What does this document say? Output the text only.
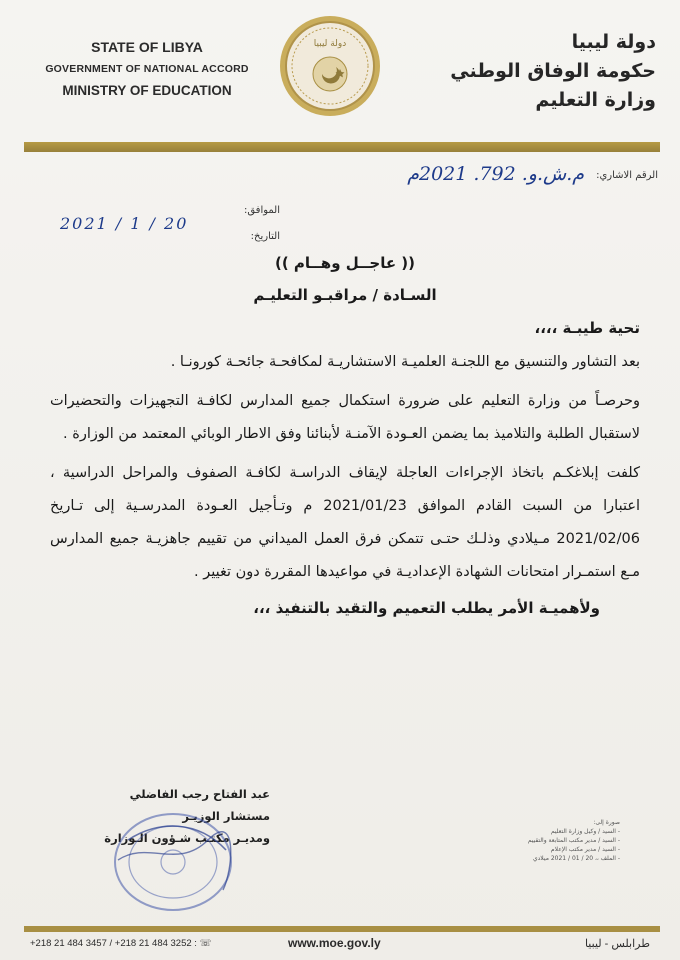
STATE OF LIBYA
GOVERNMENT OF NATIONAL ACCORD
MINISTRY OF EDUCATION
دولة ليبيا	دولة ليبيا
حكومة الوفاق الوطني
وزارة التعليم
الرقم الاشاري:
م.ش.و. 792. 2021م
الموافق:
التاريخ:
2021 / 1 / 20
(( عاجــل وهــام ))
السـادة / مراقبـو التعليـم
تحية طيبـة ،،،،

بعد التشاور والتنسيق مع اللجنـة العلميـة الاستشاريـة لمكافحـة جائحـة كورونـا .

وحرصـاً من وزارة التعليم على ضرورة استكمال جميع المدارس لكافـة التجهيزات والتحضيرات لاستقبال الطلبة والتلاميذ بما يضمن العـودة الآمنـة لأبنائنا وفق الاطار الوبائي المعتمد من الوزارة .

كلفت إبلاغكـم باتخاذ الإجراءات العاجلة لإيقاف الدراسـة لكافـة الصفوف والمراحل الدراسية ، اعتبارا من السبت القادم الموافق 2021/01/23 م وتـأجيل العـودة المدرسـية إلى تـاريخ 2021/02/06 مـيلادي وذلـك حتـى تتمكن فرق العمل الميداني من تقييم جاهزيـة جميع المدارس مـع استمـرار امتحانات الشهادة الإعداديـة في مواعيدها المقررة دون تغيير .

ولأهميـة الأمر يطلب التعميم والتقيد بالتنفيذ ،،،
عبد الفتاح رجب الفاضلي
مستشار الوزيـر
ومديـر مكتـب شـؤون الـوزارة
صورة إلى:
- السيد / وكيل وزارة التعليم
- السيد / مدير مكتب المتابعة والتقييم
- السيد / مدير مكتب الإعلام
- الملف ،، 20 / 01 / 2021 ميلادي
+218 21 484 3457 / +218 21 484 3252 : ☏	www.moe.gov.ly	طرابلس - ليبيا
